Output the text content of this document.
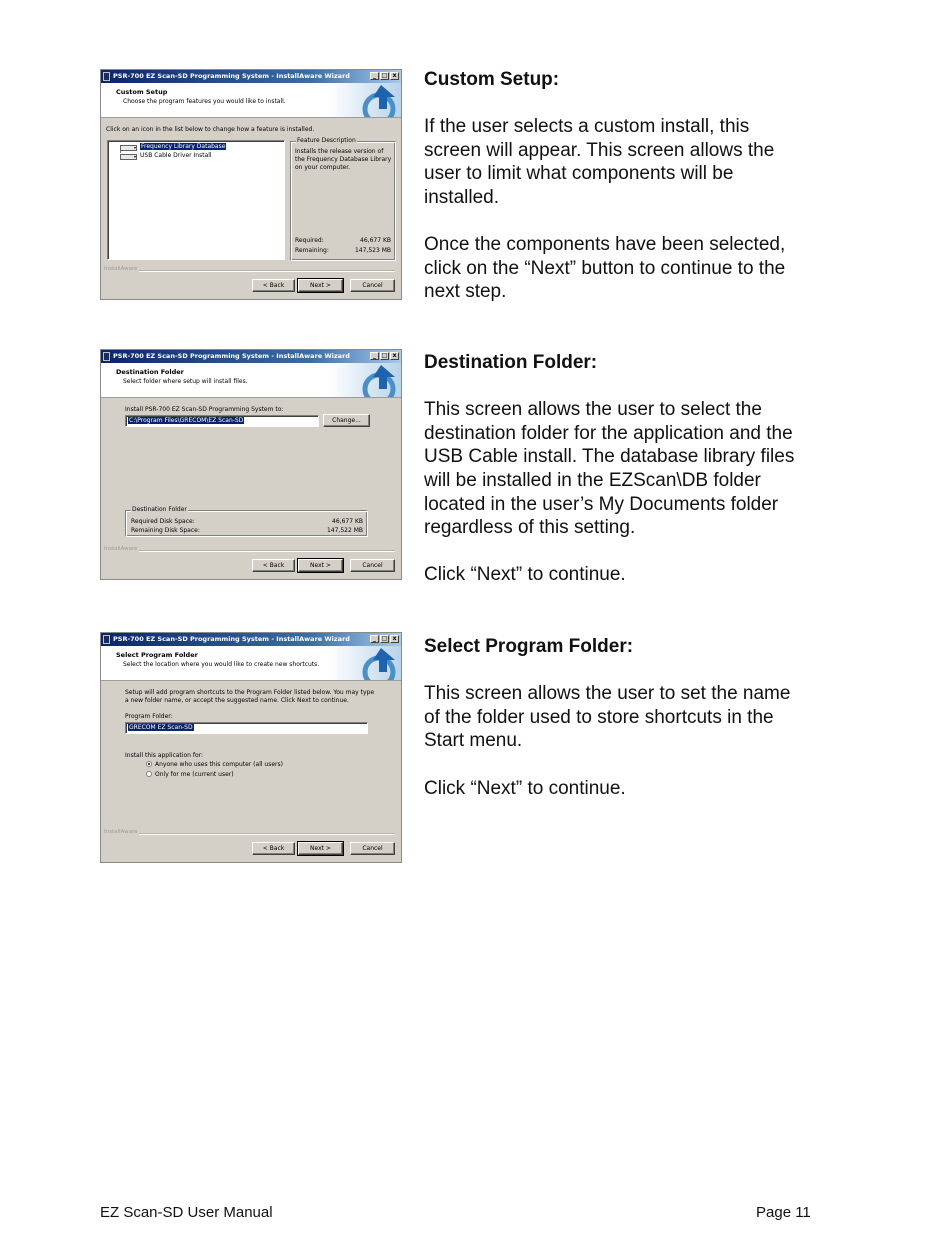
PSR-700 EZ Scan-SD Programming System - InstallAware Wizard	_ □ x
Custom Setup
Choose the program features you would like to install.
Click on an icon in the list below to change how a feature is installed.
▾ Frequency Library Database
▾ USB Cable Driver Install
Feature Description
Installs the release version of the Frequency Database Library on your computer.
Required:	46,677 KB
Remaining:	147,523 MB
InstallAware
< Back	Next >	Cancel
PSR-700 EZ Scan-SD Programming System - InstallAware Wizard	_ □ x
Destination Folder
Select folder where setup will install files.
Install PSR-700 EZ Scan-SD Programming System to:
C:\Program Files\GRECOM\EZ Scan-SD	Change...
Destination Folder
Required Disk Space:	46,677 KB
Remaining Disk Space:	147,522 MB
InstallAware
< Back	Next >	Cancel
PSR-700 EZ Scan-SD Programming System - InstallAware Wizard	_ □ x
Select Program Folder
Select the location where you would like to create new shortcuts.
Setup will add program shortcuts to the Program Folder listed below. You may type
a new folder name, or accept the suggested name. Click Next to continue.
Program Folder:
GRECOM EZ Scan-SD
Install this application for:
Anyone who uses this computer (all users)
Only for me (current user)
InstallAware
< Back	Next >	Cancel
Custom Setup:

If the user selects a custom install, this
screen will appear. This screen allows the
user to limit what components will be
installed.

Once the components have been selected,
click on the “Next” button to continue to the
next step.

Destination Folder:

This screen allows the user to select the
destination folder for the application and the
USB Cable install. The database library files
will be installed in the EZScan\DB folder
located in the user’s My Documents folder
regardless of this setting.

Click “Next” to continue.

Select Program Folder:

This screen allows the user to set the name
of the folder used to store shortcuts in the
Start menu.

Click “Next” to continue.

EZ Scan-SD User Manual	Page 11
